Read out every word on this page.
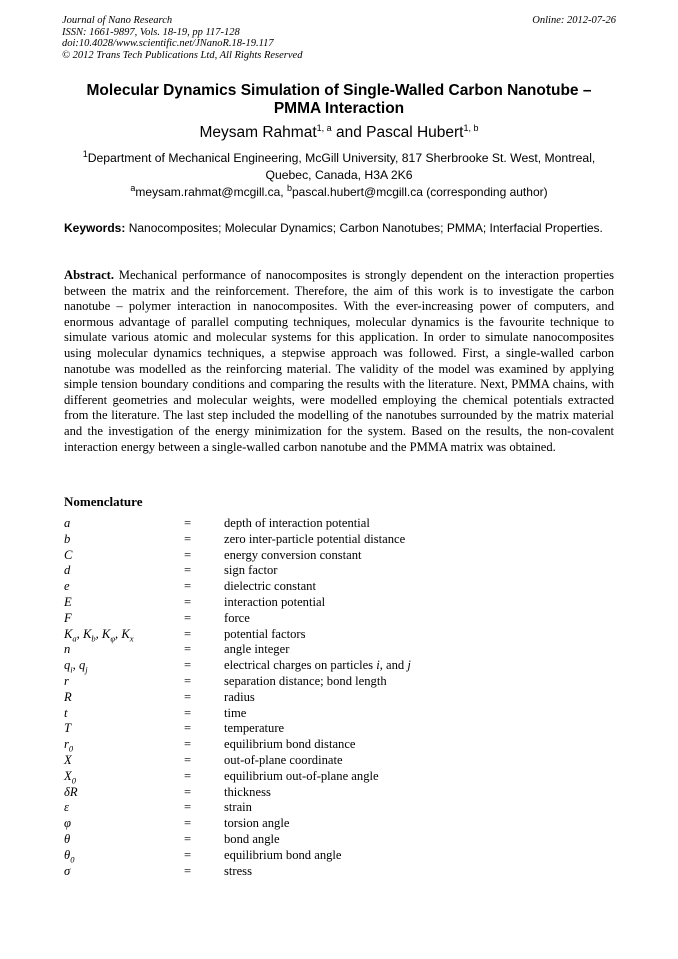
Journal of Nano Research
ISSN: 1661-9897, Vols. 18-19, pp 117-128
doi:10.4028/www.scientific.net/JNanoR.18-19.117
© 2012 Trans Tech Publications Ltd, All Rights Reserved
Online: 2012-07-26
Molecular Dynamics Simulation of Single-Walled Carbon Nanotube – PMMA Interaction
Meysam Rahmat$^{1, a}$ and Pascal Hubert$^{1, b}$
$^1$Department of Mechanical Engineering, McGill University, 817 Sherbrooke St. West, Montreal, Quebec, Canada, H3A 2K6
$^a$meysam.rahmat@mcgill.ca, $^b$pascal.hubert@mcgill.ca (corresponding author)
Keywords: Nanocomposites; Molecular Dynamics; Carbon Nanotubes; PMMA; Interfacial Properties.
Abstract. Mechanical performance of nanocomposites is strongly dependent on the interaction properties between the matrix and the reinforcement. Therefore, the aim of this work is to investigate the carbon nanotube – polymer interaction in nanocomposites. With the ever-increasing power of computers, and enormous advantage of parallel computing techniques, molecular dynamics is the favourite technique to simulate various atomic and molecular systems for this application. In order to simulate nanocomposites using molecular dynamics techniques, a stepwise approach was followed. First, a single-walled carbon nanotube was modelled as the reinforcing material. The validity of the model was examined by applying simple tension boundary conditions and comparing the results with the literature. Next, PMMA chains, with different geometries and molecular weights, were modelled employing the chemical potentials extracted from the literature. The last step included the modelling of the nanotubes surrounded by the matrix material and the investigation of the energy minimization for the system. Based on the results, the non-covalent interaction energy between a single-walled carbon nanotube and the PMMA matrix was obtained.
Nomenclature
a	=	depth of interaction potential
b	=	zero inter-particle potential distance
C	=	energy conversion constant
d	=	sign factor
e	=	dielectric constant
E	=	interaction potential
F	=	force
$K_a$, $K_b$, $K_\varphi$, $K_x$	=	potential factors
n	=	angle integer
$q_i$, $q_j$	=	electrical charges on particles i, and j
r	=	separation distance; bond length
R	=	radius
t	=	time
T	=	temperature
$r_0$	=	equilibrium bond distance
X	=	out-of-plane coordinate
$X_0$	=	equilibrium out-of-plane angle
δR	=	thickness
ε	=	strain
φ	=	torsion angle
θ	=	bond angle
$\theta_0$	=	equilibrium bond angle
σ	=	stress
